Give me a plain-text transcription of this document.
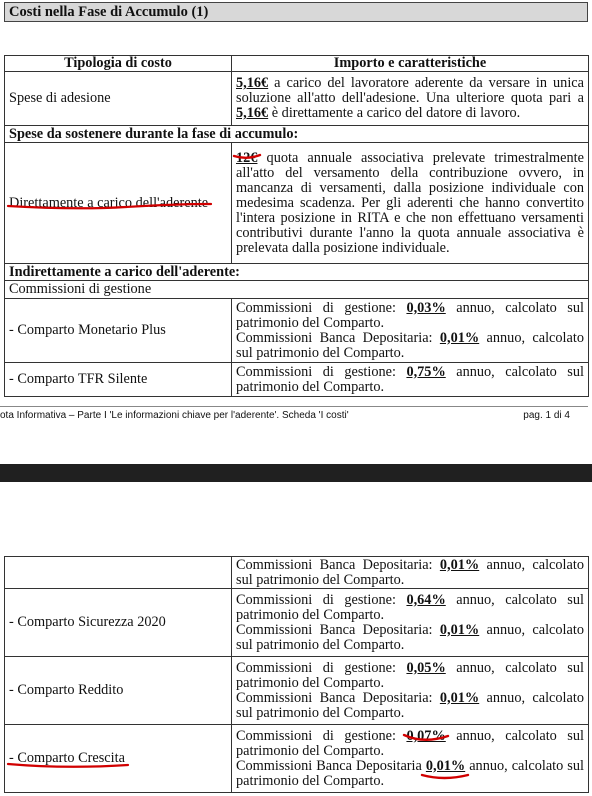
Costi nella Fase di Accumulo (1)
Tipologia di costo	Importo e caratteristiche
Spese di adesione	5,16€ a carico del lavoratore aderente da versare in unica soluzione all'atto dell'adesione. Una ulteriore quota pari a 5,16€ è direttamente a carico del datore di lavoro.
Spese da sostenere durante la fase di accumulo:	
Direttamente a carico dell'aderente	12€ quota annuale associativa prelevate trimestralmente all'atto del versamento della contribuzione ovvero, in mancanza di versamenti, dalla posizione individuale con medesima scadenza. Per gli aderenti che hanno convertito l'intera posizione in RITA e che non effettuano versamenti contributivi durante l'anno la quota annuale associativa è prelevata dalla posizione individuale.
Indirettamente a carico dell'aderente:	
Commissioni di gestione	
- Comparto Monetario Plus	Commissioni di gestione: 0,03% annuo, calcolato sul patrimonio del Comparto.
Commissioni Banca Depositaria: 0,01% annuo, calcolato sul patrimonio del Comparto.

- Comparto TFR Silente	Commissioni di gestione: 0,75% annuo, calcolato sul patrimonio del Comparto.
ota Informativa – Parte I 'Le informazioni chiave per l'aderente'. Scheda 'I costi'	pag. 1 di 4
	Commissioni Banca Depositaria: 0,01% annuo, calcolato sul patrimonio del Comparto.
- Comparto Sicurezza 2020	Commissioni di gestione: 0,64% annuo, calcolato sul patrimonio del Comparto.
Commissioni Banca Depositaria: 0,01% annuo, calcolato sul patrimonio del Comparto.

- Comparto Reddito	Commissioni di gestione: 0,05% annuo, calcolato sul patrimonio del Comparto.
Commissioni Banca Depositaria: 0,01% annuo, calcolato sul patrimonio del Comparto.

- Comparto Crescita	Commissioni di gestione: 0,07% annuo, calcolato sul patrimonio del Comparto.
Commissioni Banca Depositaria 0,01% annuo, calcolato sul patrimonio del Comparto.
